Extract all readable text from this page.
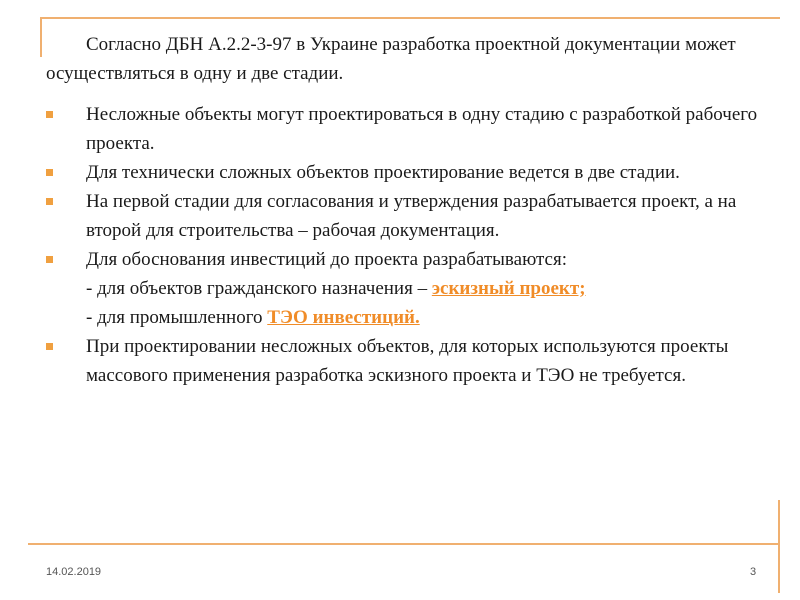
Согласно ДБН А.2.2-3-97 в Украине разработка проектной документации может осуществляться в одну и две стадии.

Несложные объекты могут проектироваться в одну стадию с разработкой рабочего проекта.
Для технически сложных объектов проектирование ведется в две стадии.
На первой стадии для согласования и утверждения разрабатывается проект, а на второй для строительства – рабочая документация.
Для обоснования инвестиций до проекта разрабатываются:
- для объектов гражданского назначения – эскизный проект;
- для промышленного ТЭО инвестиций.
При проектировании несложных объектов, для которых используются проекты массового применения разработка эскизного проекта и ТЭО не требуется.
14.02.2019	3
